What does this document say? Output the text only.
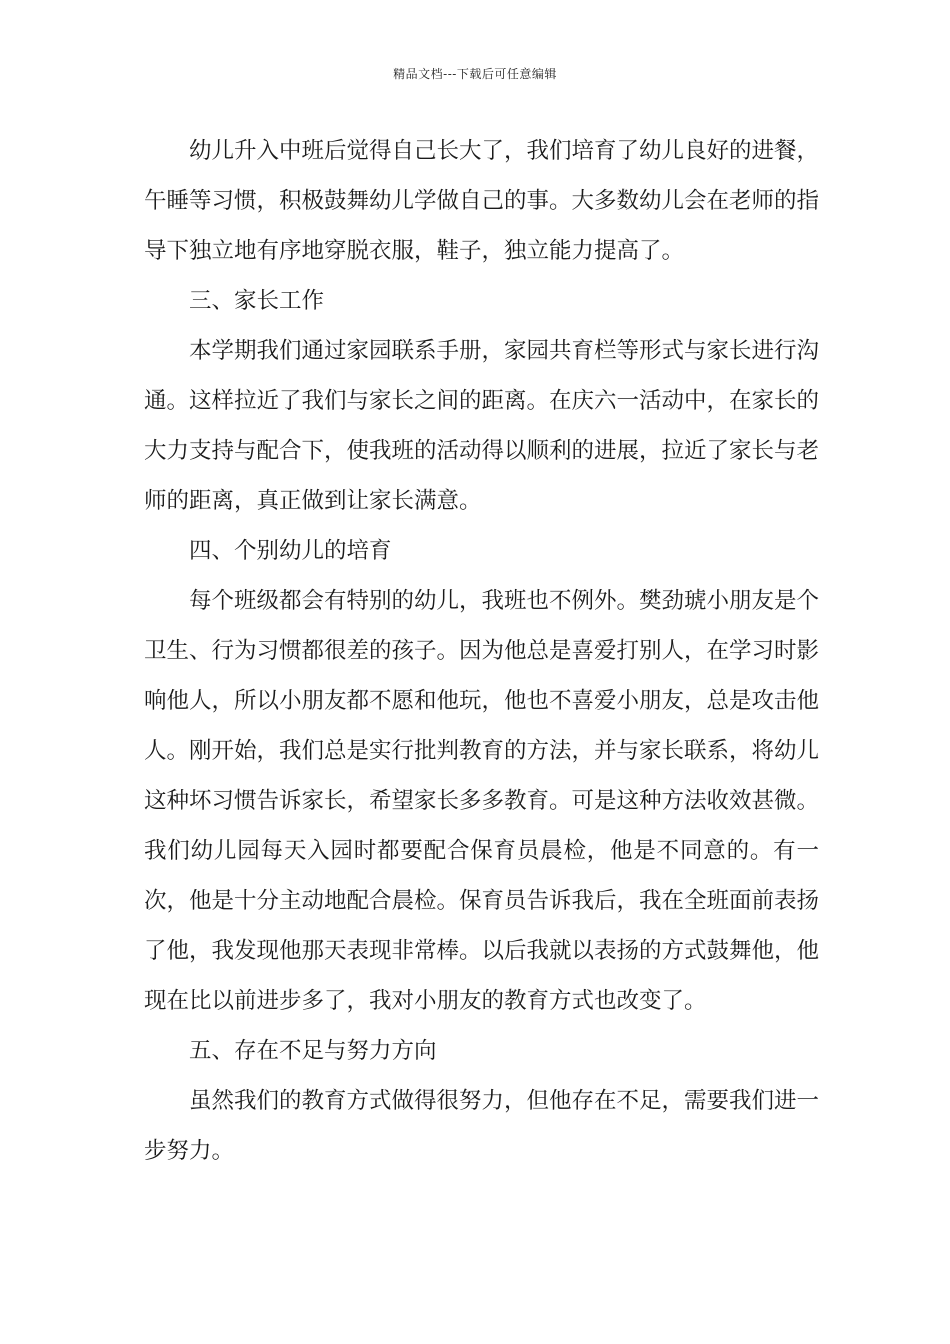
精品文档---下载后可任意编辑

幼儿升入中班后觉得自己长大了，我们培育了幼儿良好的进餐，午睡等习惯，积极鼓舞幼儿学做自己的事。大多数幼儿会在老师的指导下独立地有序地穿脱衣服，鞋子，独立能力提高了。

三、家长工作

本学期我们通过家园联系手册，家园共育栏等形式与家长进行沟通。这样拉近了我们与家长之间的距离。在庆六一活动中，在家长的大力支持与配合下，使我班的活动得以顺利的进展，拉近了家长与老师的距离，真正做到让家长满意。

四、个别幼儿的培育

每个班级都会有特别的幼儿，我班也不例外。樊劲琥小朋友是个卫生、行为习惯都很差的孩子。因为他总是喜爱打别人，在学习时影响他人，所以小朋友都不愿和他玩，他也不喜爱小朋友，总是攻击他人。刚开始，我们总是实行批判教育的方法，并与家长联系，将幼儿这种坏习惯告诉家长，希望家长多多教育。可是这种方法收效甚微。我们幼儿园每天入园时都要配合保育员晨检，他是不同意的。有一次，他是十分主动地配合晨检。保育员告诉我后，我在全班面前表扬了他，我发现他那天表现非常棒。以后我就以表扬的方式鼓舞他，他现在比以前进步多了，我对小朋友的教育方式也改变了。

五、存在不足与努力方向

虽然我们的教育方式做得很努力，但他存在不足，需要我们进一步努力。
